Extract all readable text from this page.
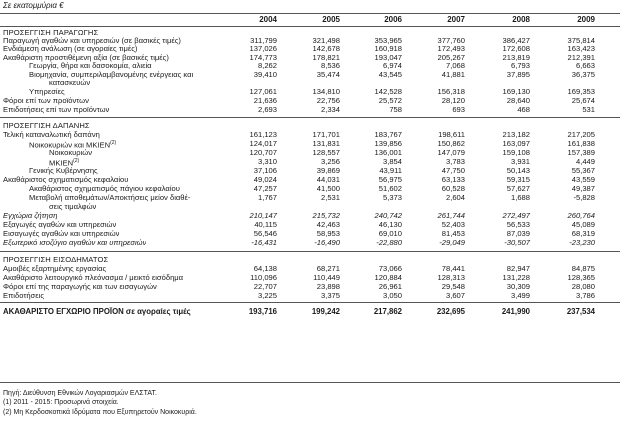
Σε εκατομμύρια €
2004	2005	2006	2007	2008	2009
ΠΡΟΣΕΓΓΙΣΗ ΠΑΡΑΓΩΓΗΣ
Παραγωγή αγαθών και υπηρεσιών (σε βασικές τιμές)	311,799	321,498	353,965	377,760	386,427	375,814
Ενδιάμεση ανάλωση (σε αγοραίες τιμές)	137,026	142,678	160,918	172,493	172,608	163,423
Ακαθάριστη προστιθέμενη αξία (σε βασικές τιμές)	174,773	178,821	193,047	205,267	213,819	212,391
Γεωργία, θήρα και δασοκομία, αλιεία	8,262	8,536	6,974	7,068	6,793	6,663
Βιομηχανία, συμπεριλαμβανομένης ενέργειας και	39,410	35,474	43,545	41,881	37,895	36,375
κατασκευών
Υπηρεσίες	127,061	134,810	142,528	156,318	169,130	169,353
Φόροι επί των προϊόντων	21,636	22,756	25,572	28,120	28,640	25,674
Επιδοτήσεις επί των προϊόντων	2,693	2,334	758	693	468	531
ΠΡΟΣΕΓΓΙΣΗ ΔΑΠΑΝΗΣ
Τελική καταναλωτική δαπάνη	161,123	171,701	183,767	198,611	213,182	217,205
Νοικοκυριών και ΜΚΙΕΝ$^{(2)}$	124,017	131,831	139,856	150,862	163,097	161,838
Νοικοκυριών	120,707	128,557	136,001	147,079	159,108	157,389
ΜΚΙΕΝ$^{(2)}$	3,310	3,256	3,854	3,783	3,931	4,449
Γενικής Κυβέρνησης	37,106	39,869	43,911	47,750	50,143	55,367
Ακαθάριστος σχηματισμός κεφαλαίου	49,024	44,031	56,975	63,133	59,315	43,559
Ακαθάριστος σχηματισμός πάγιου κεφαλαίου	47,257	41,500	51,602	60,528	57,627	49,387
Μεταβολή αποθεμάτων/Αποκτήσεις μείον διαθέ-	1,767	2,531	5,373	2,604	1,688	-5,828
σεις τιμαλφών
Εγχώρια ζήτηση	210,147	215,732	240,742	261,744	272,497	260,764
Εξαγωγές αγαθών και υπηρεσιών	40,115	42,463	46,130	52,403	56,533	45,089
Εισαγωγές αγαθών και υπηρεσιών	56,546	58,953	69,010	81,453	87,039	68,319
Εξωτερικό ισοζύγιο αγαθών και υπηρεσιών	-16,431	-16,490	-22,880	-29,049	-30,507	-23,230
ΠΡΟΣΕΓΓΙΣΗ ΕΙΣΟΔΗΜΑΤΟΣ
Αμοιβές εξαρτημένης εργασίας	64,138	68,271	73,066	78,441	82,947	84,875
Ακαθάριστο λειτουργικό πλεόνασμα / μεικτό εισόδημα	110,096	110,449	120,884	128,313	131,228	128,365
Φόροι επί της παραγωγής και των εισαγωγών	22,707	23,898	26,961	29,548	30,309	28,080
Επιδοτήσεις	3,225	3,375	3,050	3,607	3,499	3,786
ΑΚΑΘΑΡΙΣΤΟ ΕΓΧΩΡΙΟ ΠΡΟΪΟΝ σε αγοραίες τιμές	193,716	199,242	217,862	232,695	241,990	237,534
Πηγή: Διεύθυνση Εθνικών Λογαριασμών ΕΛΣΤΑΤ.
(1) 2011 - 2015: Προσωρινά στοιχεία.
(2) Μη Κερδοσκοπικά Ιδρύματα που Εξυπηρετούν Νοικοκυριά.
